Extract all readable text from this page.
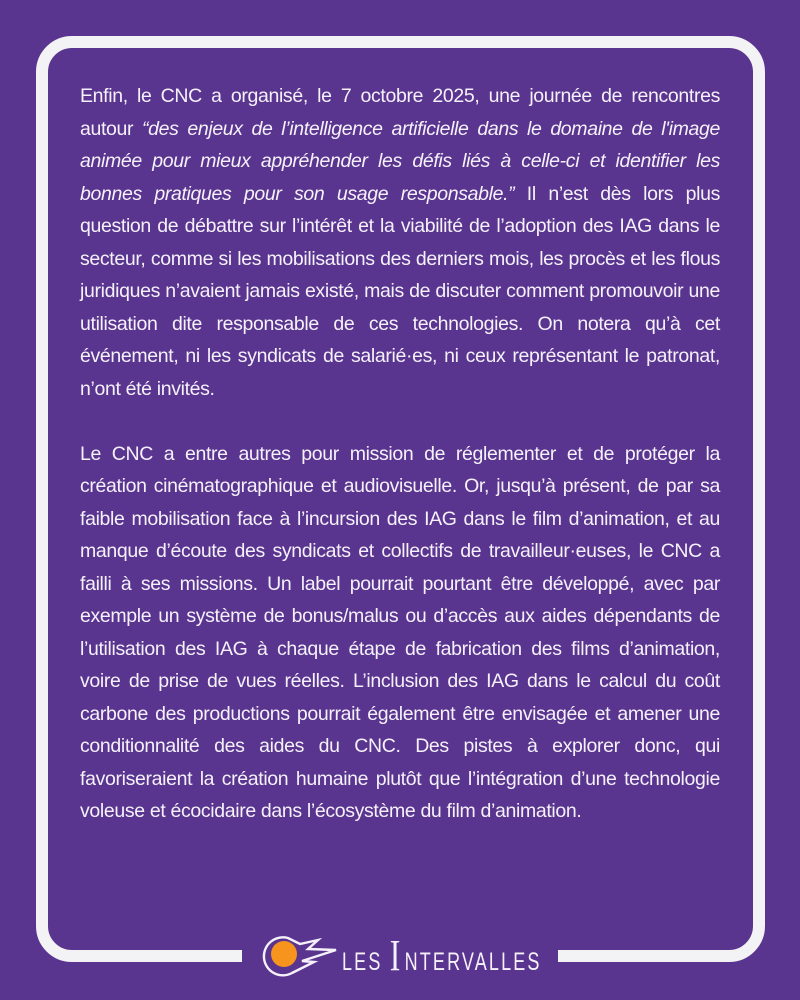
Enfin, le CNC a organisé, le 7 octobre 2025, une journée de rencontres autour “des enjeux de l’intelligence artificielle dans le domaine de l'image animée pour mieux appréhender les défis liés à celle-ci et identifier les bonnes pratiques pour son usage responsable.” Il n’est dès lors plus question de débattre sur l’intérêt et la viabilité de l’adoption des IAG dans le secteur, comme si les mobilisations des derniers mois, les procès et les flous juridiques n’avaient jamais existé, mais de discuter comment promouvoir une utilisation dite responsable de ces technologies. On notera qu’à cet événement, ni les syndicats de salarié·es, ni ceux représentant le patronat, n’ont été invités.

Le CNC a entre autres pour mission de réglementer et de protéger la création cinématographique et audiovisuelle. Or, jusqu’à présent, de par sa faible mobilisation face à l’incursion des IAG dans le film d’animation, et au manque d’écoute des syndicats et collectifs de travailleur·euses, le CNC a failli à ses missions. Un label pourrait pourtant être développé, avec par exemple un système de bonus/malus ou d’accès aux aides dépendants de l’utilisation des IAG à chaque étape de fabrication des films d’animation, voire de prise de vues réelles. L’inclusion des IAG dans le calcul du coût carbone des productions pourrait également être envisagée et amener une conditionnalité des aides du CNC. Des pistes à explorer donc, qui favoriseraient la création humaine plutôt que l’intégration d’une technologie voleuse et écocidaire dans l’écosystème du film d’animation.

LES I NTERVALLES
